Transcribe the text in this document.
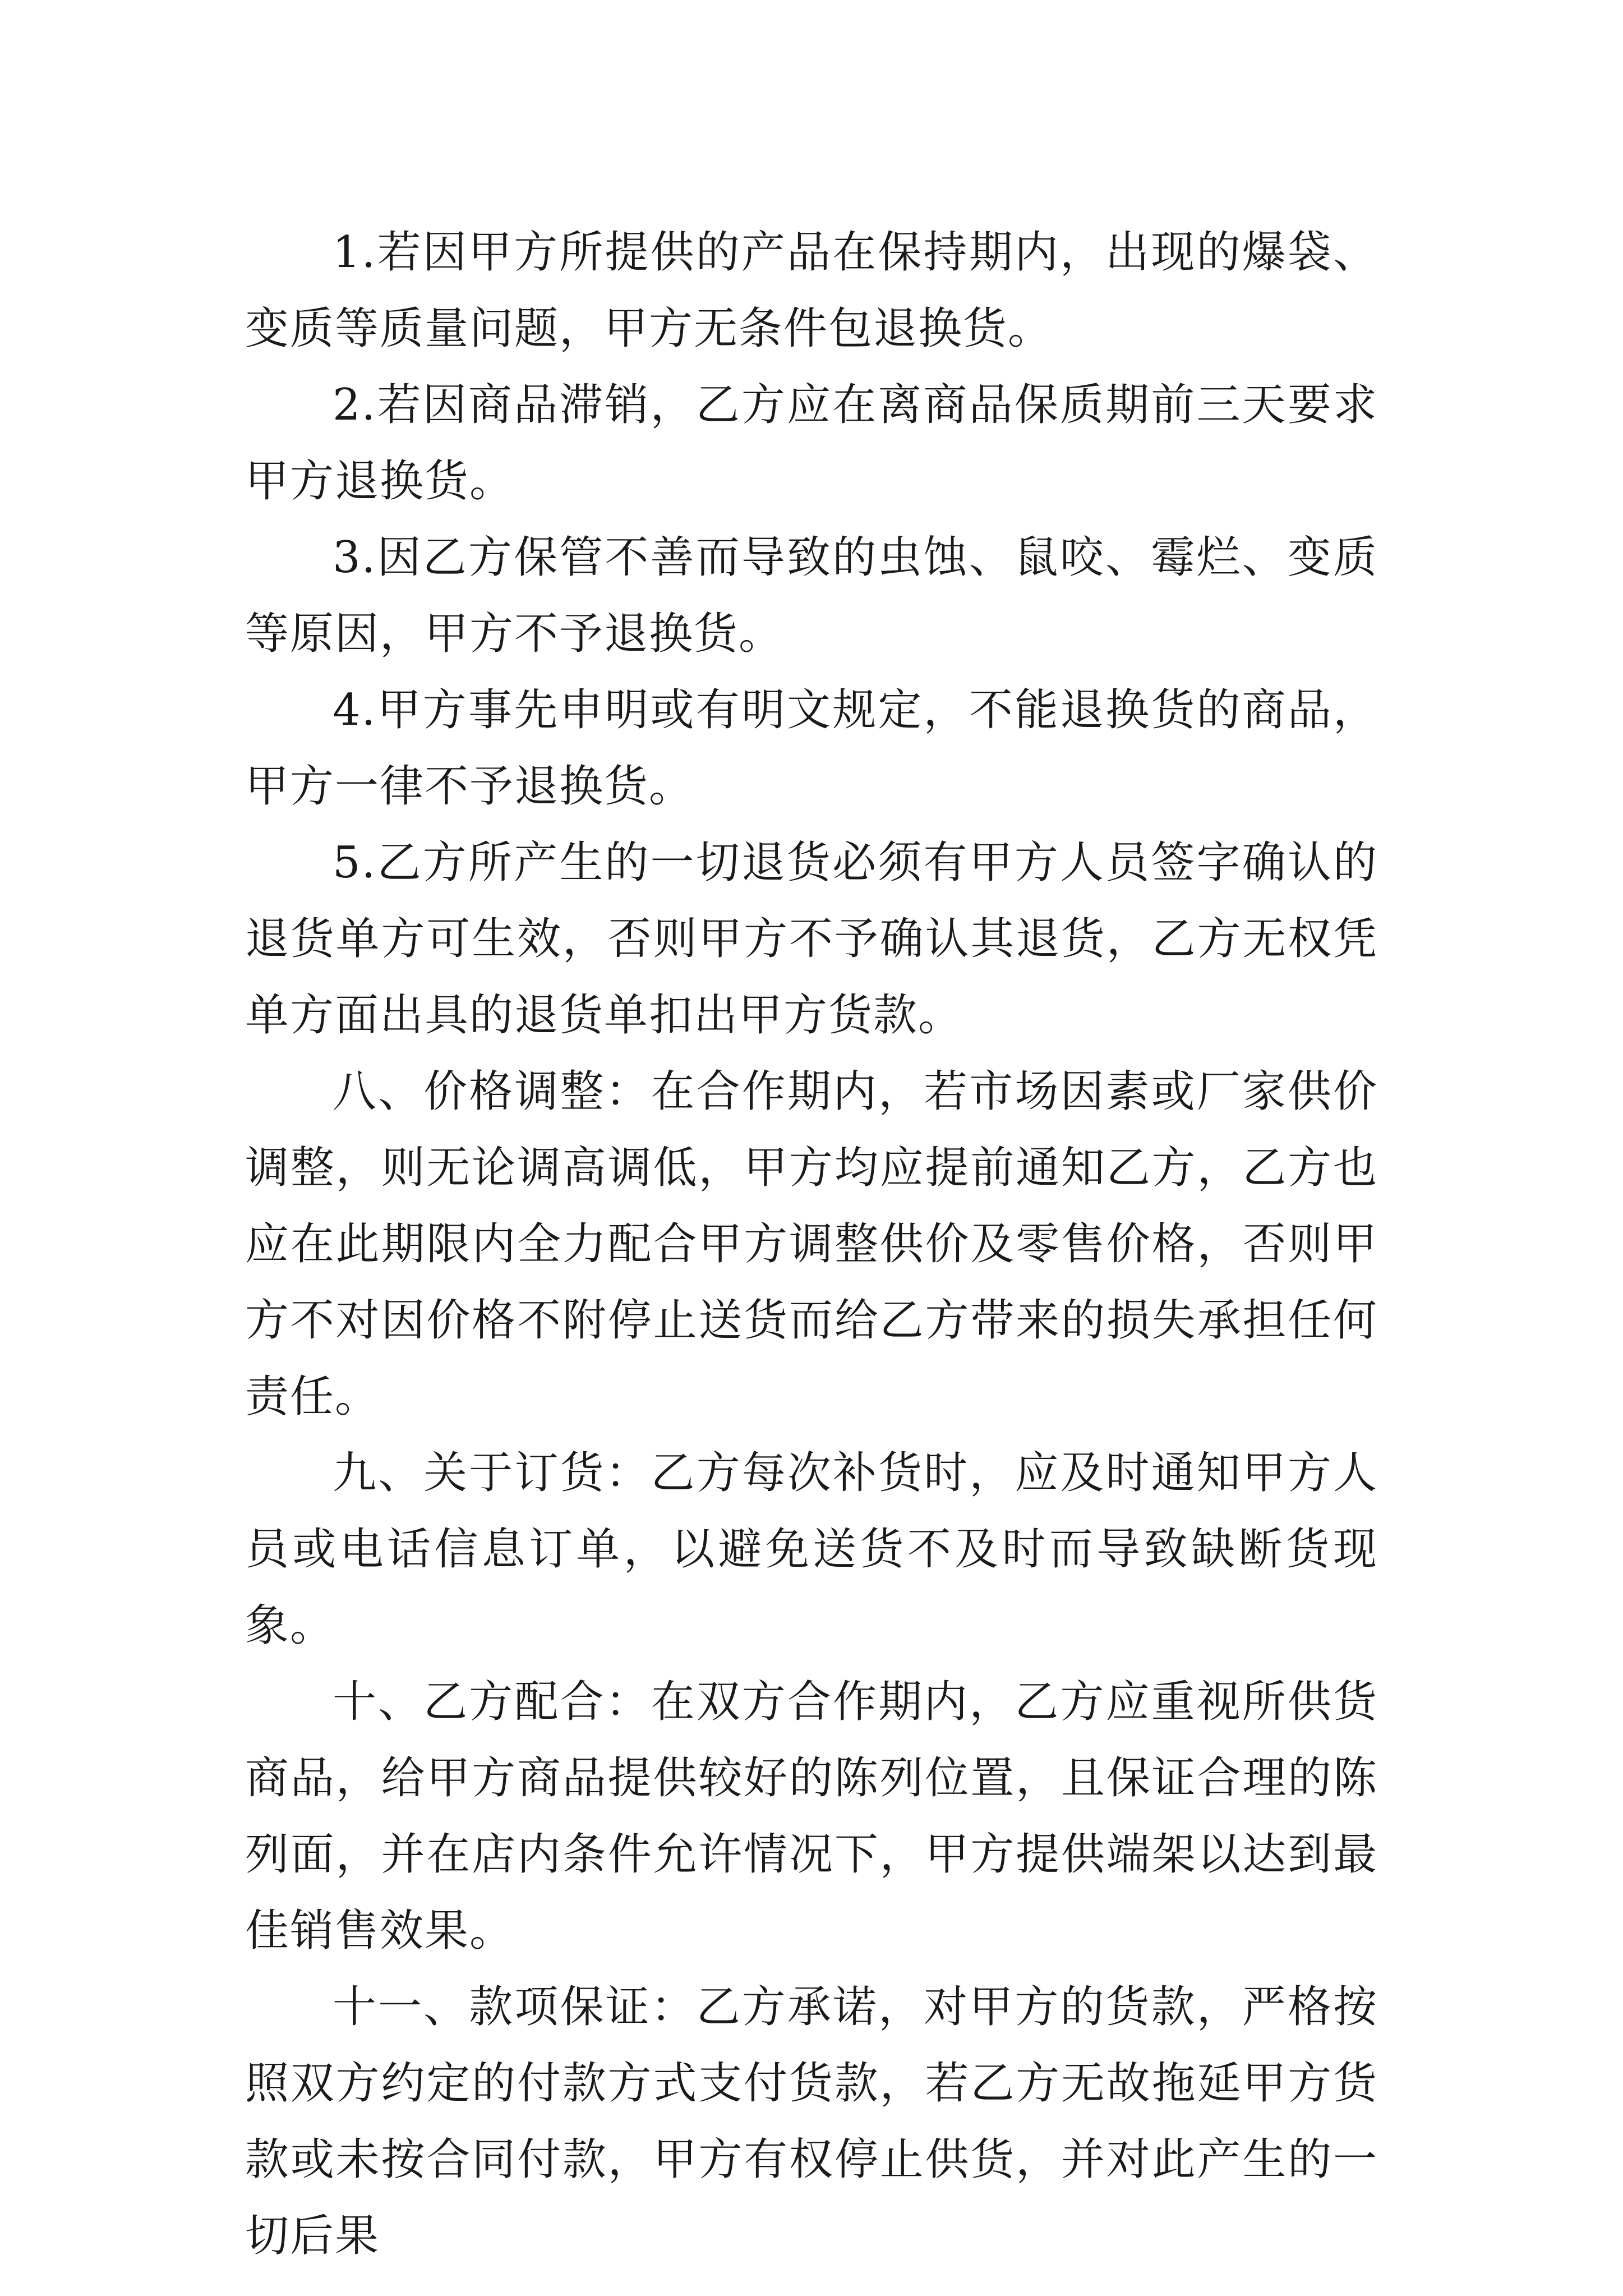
1.若因甲方所提供的产品在保持期内，出现的爆袋、变质等质量问题，甲方无条件包退换货。

2.若因商品滞销，乙方应在离商品保质期前三天要求甲方退换货。

3.因乙方保管不善而导致的虫蚀、鼠咬、霉烂、变质等原因，甲方不予退换货。

4.甲方事先申明或有明文规定，不能退换货的商品，甲方一律不予退换货。

5.乙方所产生的一切退货必须有甲方人员签字确认的退货单方可生效，否则甲方不予确认其退货，乙方无权凭单方面出具的退货单扣出甲方货款。

八、价格调整：在合作期内，若市场因素或厂家供价调整，则无论调高调低，甲方均应提前通知乙方，乙方也应在此期限内全力配合甲方调整供价及零售价格，否则甲方不对因价格不附停止送货而给乙方带来的损失承担任何责任。

九、关于订货：乙方每次补货时，应及时通知甲方人员或电话信息订单，以避免送货不及时而导致缺断货现象。

十、乙方配合：在双方合作期内，乙方应重视所供货商品，给甲方商品提供较好的陈列位置，且保证合理的陈列面，并在店内条件允许情况下，甲方提供端架以达到最佳销售效果。

十一、款项保证：乙方承诺，对甲方的货款，严格按照双方约定的付款方式支付货款，若乙方无故拖延甲方货款或未按合同付款，甲方有权停止供货，并对此产生的一切后果
